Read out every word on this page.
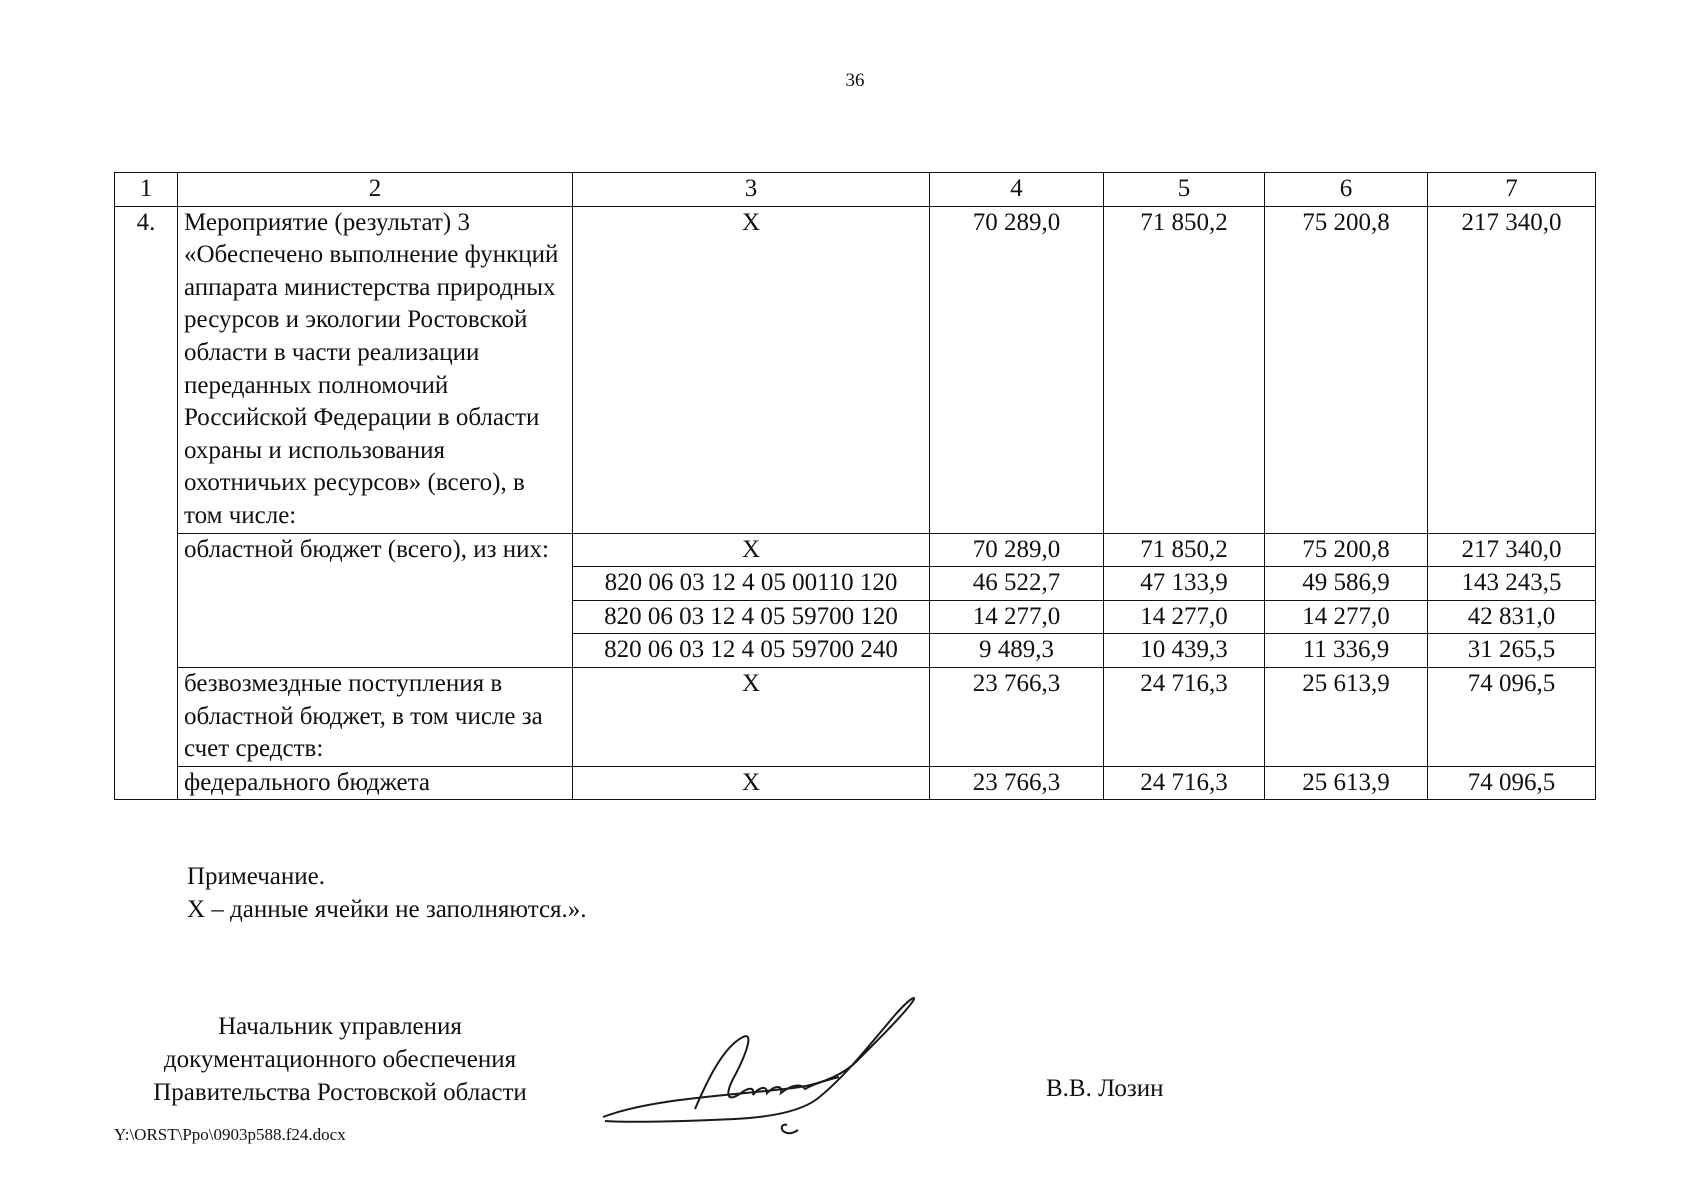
36
1	2	3	4	5	6	7
4.	Мероприятие (результат) 3 «Обеспечено выполнение функций аппарата министерства природных ресурсов и экологии Ростовской области в части реализации переданных полномочий Российской Федерации в области охраны и использования охотничьих ресурсов» (всего), в том числе:	X	70 289,0	71 850,2	75 200,8	217 340,0
	областной бюджет (всего), из них:	X	70 289,0	71 850,2	75 200,8	217 340,0
		820 06 03 12 4 05 00110 120	46 522,7	47 133,9	49 586,9	143 243,5
		820 06 03 12 4 05 59700 120	14 277,0	14 277,0	14 277,0	42 831,0
		820 06 03 12 4 05 59700 240	9 489,3	10 439,3	11 336,9	31 265,5
	безвозмездные поступления в областной бюджет, в том числе за счет средств:	X	23 766,3	24 716,3	25 613,9	74 096,5
	федерального бюджета	X	23 766,3	24 716,3	25 613,9	74 096,5
Примечание.
X – данные ячейки не заполняются.».
Начальник управления
документационного обеспечения
Правительства Ростовской области	В.В. Лозин
Y:\ORST\Ppo\0903p588.f24.docx
